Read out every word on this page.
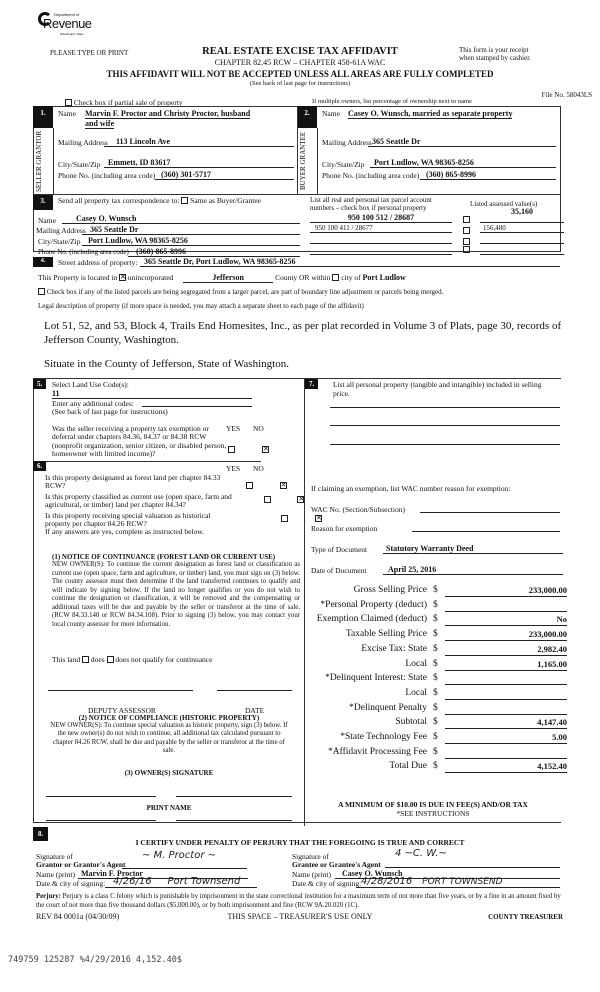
Department of
Revenue
Washington State
PLEASE TYPE OR PRINT	REAL ESTATE EXCISE TAX AFFIDAVIT
CHAPTER 82.45 RCW – CHAPTER 458-61A WAC
This form is your receipt
when stamped by cashier.
THIS AFFIDAVIT WILL NOT BE ACCEPTED UNLESS ALL AREAS ARE FULLY COMPLETED
(See back of last page for instructions)
File No. 58043LS
Check box if partial sale of property	If multiple owners, list percentage of ownership next to name
1.
SELLER GRANTOR
Name Marvin F. Proctor and Christy Proctor, husband
and wife
Mailing Address	113 Lincoln Ave
City/State/Zip Emmett, ID 83617
Phone No. (including area code) (360) 301-5717
2.
BUYER GRANTEE
Name Casey O. Wunsch, married as separate property
Mailing Address 365 Seattle Dr
City/State/Zip	Port Ludlow, WA 98365-8256
Phone No. (including area code) (360) 865-8996
3.	Send all property tax correspondence to: Same as Buyer/Grantee
Name	Casey O. Wunsch
Mailing Address 365 Seattle Dr
City/State/Zip Port Ludlow, WA 98365-8256
Phone No. (including area code) (360) 865-8996
List all real and personal tax parcel account
numbers – check box if personal property	Listed assessed value(s)
950 100 512 / 28687
35,160
950 100 411 / 28677	156,480
4.	Street address of property: 365 Seattle Dr, Port Ludlow, WA 98365-8256
This Property is located in ✕ unincorporated	Jefferson	County OR within city of Port Ludlow
Check box if any of the listed parcels are being segregated from a larger parcel, are part of boundary line adjustment or parcels being merged.
Legal description of property (if more space is needed, you may attach a separate sheet to each page of the affidavit)
Lot 51, 52, and 53, Block 4, Trails End Homesites, Inc., as per plat recorded in Volume 3 of Plats, page 30, records of
Jefferson County, Washington.
Situate in the County of Jefferson, State of Washington.
5.	Select Land Use Code(s):
11
Enter any additional codes:
(See back of last page for instructions)
Was the seller receiving a property tax exemption or
deferral under chapters 84.36, 84.37 or 84.38 RCW
(nonprofit organization, senior citizen, or disabled person,
homeowner with limited income)?
YES NO
✕
6.	YES NO
Is this property designated as forest land per chapter 84.33
RCW?
✕
Is this property classified as current use (open space, farm and
agricultural, or timber) land per chapter 84.34?
✕
Is this property receiving special valuation as historical
property per chapter 84.26 RCW?
✕
If any answers are yes, complete as instructed below.
(1) NOTICE OF CONTINUANCE (FOREST LAND OR CURRENT USE)
NEW OWNER(S): To continue the current designation as forest land or classification as current use (open space, farm and agriculture, or timber) land, you must sign on (3) below. The county assessor must then determine if the land transferred continues to qualify and will indicate by signing below. If the land no longer qualifies or you do not wish to continue the designation or classification, it will be removed and the compensating or additional taxes will be due and payable by the seller or transferor at the time of sale. (RCW 84.33.140 or RCW 84.34.108). Prior to signing (3) below, you may contact your local county assessor for more information.
This land does does not qualify for continuance
DEPUTY ASSESSOR	DATE
(2) NOTICE OF COMPLIANCE (HISTORIC PROPERTY)
NEW OWNER(S): To continue special valuation as historic property, sign (3) below. If the new owner(s) do not wish to continue, all additional tax calculated pursuant to chapter 84.26 RCW, shall be due and payable by the seller or transferor at the time of sale.
(3) OWNER(S) SIGNATURE
PRINT NAME
7.	List all personal property (tangible and intangible) included in selling
price.
If claiming an exemption, list WAC number reason for exemption:
WAC No. (Section/Subsection)
Reason for exemption
Type of Document	Statutory Warranty Deed
Date of Document	April 25, 2016
Gross Selling Price $	233,000.00
*Personal Property (deduct) $
Exemption Claimed (deduct) $	No
Taxable Selling Price $	233,000.00
Excise Tax: State $	2,982.40
Local $	1,165.00
*Delinquent Interest: State $
Local $
*Delinquent Penalty $
Subtotal $	4,147.40
*State Technology Fee $	5.00
*Affidavit Processing Fee $
Total Due $	4,152.40
A MINIMUM OF $10.00 IS DUE IN FEE(S) AND/OR TAX
*SEE INSTRUCTIONS
8.
I CERTIFY UNDER PENALTY OF PERJURY THAT THE FOREGOING IS TRUE AND CORRECT
Signature of
Grantor or Grantor's Agent
~ M. Proctor ~
Name (print) Marvin F. Proctor
Date & city of signing: 4/26/16 Port Townsend
Signature of
Grantee or Grantee's Agent
4 ~C. W.~
Name (print)	Casey O. Wunsch
Date & city of signing: 4/28/2016 PORT TOWNSEND
Perjury: Perjury is a class C felony which is punishable by imprisonment in the state correctional institution for a maximum term of not more than five years, or by a fine in an amount fixed by the court of not more than five thousand dollars ($5,000.00), or by both imprisonment and fine (RCW 9A.20.020 (1C).
REV 84 0001a (04/30/09)	THIS SPACE – TREASURER'S USE ONLY	COUNTY TREASURER
749759 125287 %4/29/2016 4,152.40$
